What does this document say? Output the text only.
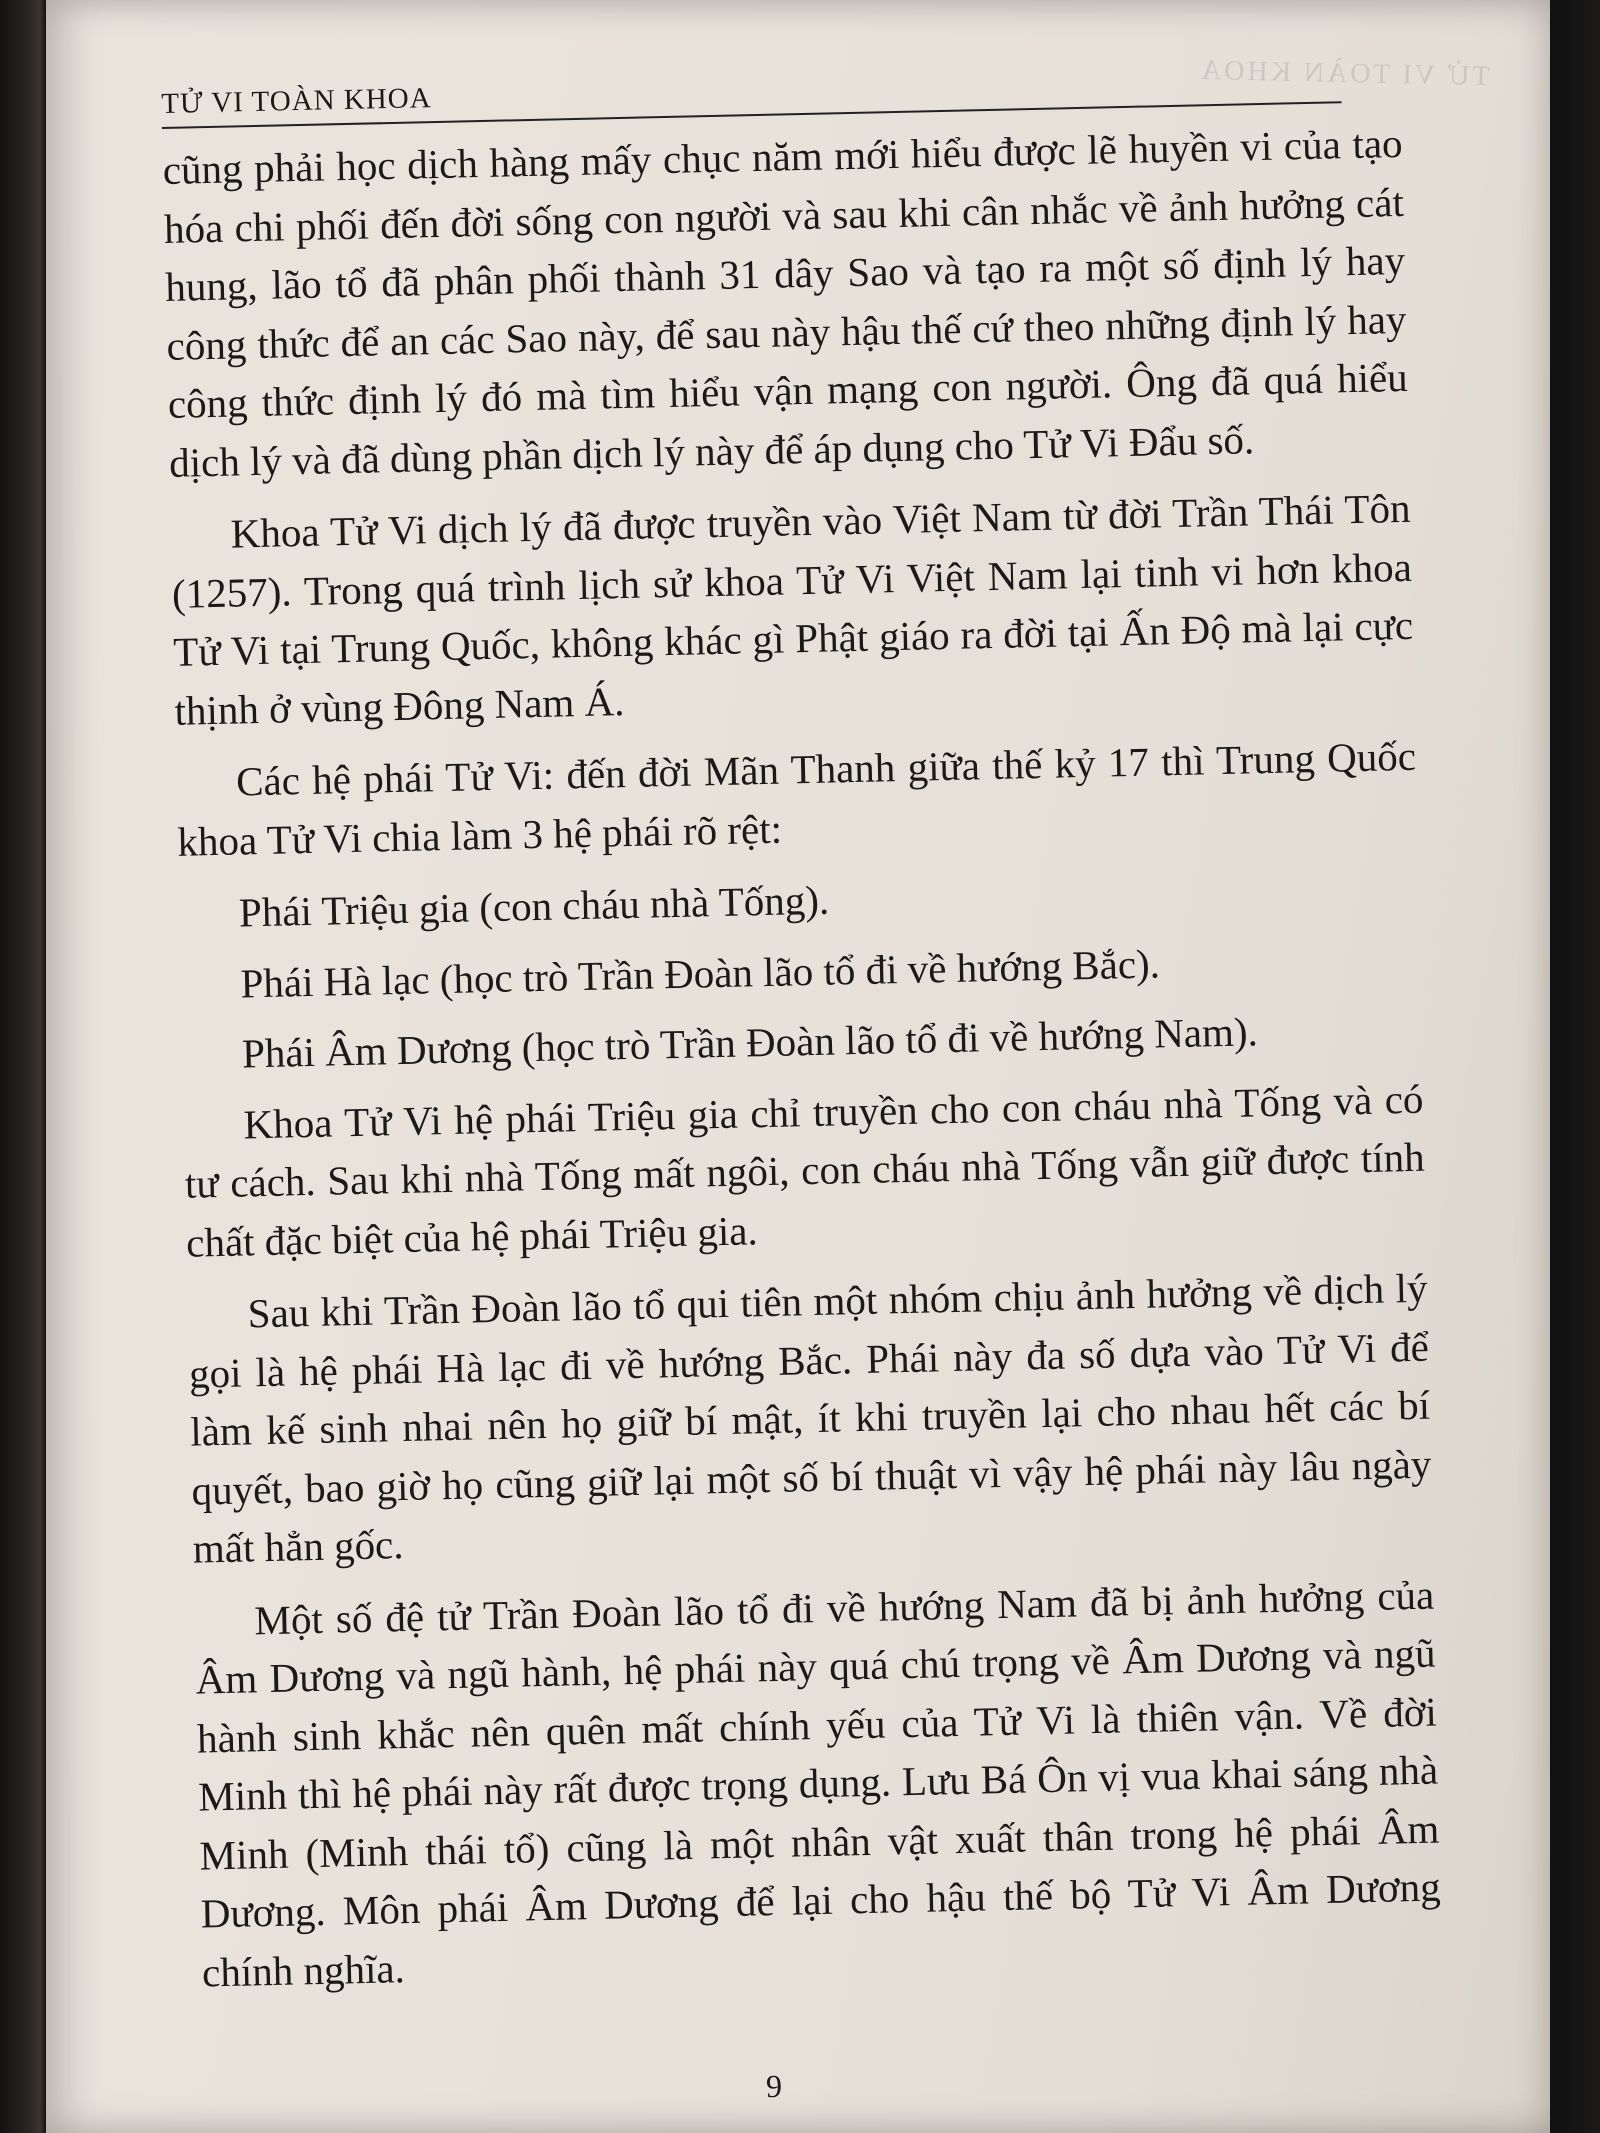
TỬ VI TOÀN KHOA
TỬ VI TOÀN KHOA

cũng phải học dịch hàng mấy chục năm mới hiểu được lẽ huyền vi của tạo hóa chi phối đến đời sống con người và sau khi cân nhắc về ảnh hưởng cát hung, lão tổ đã phân phối thành 31 dây Sao và tạo ra một số định lý hay công thức để an các Sao này, để sau này hậu thế cứ theo những định lý hay công thức định lý đó mà tìm hiểu vận mạng con người. Ông đã quá hiểu dịch lý và đã dùng phần dịch lý này để áp dụng cho Tử Vi Đẩu số.

Khoa Tử Vi dịch lý đã được truyền vào Việt Nam từ đời Trần Thái Tôn (1257). Trong quá trình lịch sử khoa Tử Vi Việt Nam lại tinh vi hơn khoa Tử Vi tại Trung Quốc, không khác gì Phật giáo ra đời tại Ấn Độ mà lại cực thịnh ở vùng Đông Nam Á.

Các hệ phái Tử Vi: đến đời Mãn Thanh giữa thế kỷ 17 thì Trung Quốc khoa Tử Vi chia làm 3 hệ phái rõ rệt:

Phái Triệu gia (con cháu nhà Tống).

Phái Hà lạc (học trò Trần Đoàn lão tổ đi về hướng Bắc).

Phái Âm Dương (học trò Trần Đoàn lão tổ đi về hướng Nam).

Khoa Tử Vi hệ phái Triệu gia chỉ truyền cho con cháu nhà Tống và có tư cách. Sau khi nhà Tống mất ngôi, con cháu nhà Tống vẫn giữ được tính chất đặc biệt của hệ phái Triệu gia.

Sau khi Trần Đoàn lão tổ qui tiên một nhóm chịu ảnh hưởng về dịch lý gọi là hệ phái Hà lạc đi về hướng Bắc. Phái này đa số dựa vào Tử Vi để làm kế sinh nhai nên họ giữ bí mật, ít khi truyền lại cho nhau hết các bí quyết, bao giờ họ cũng giữ lại một số bí thuật vì vậy hệ phái này lâu ngày mất hẳn gốc.

Một số đệ tử Trần Đoàn lão tổ đi về hướng Nam đã bị ảnh hưởng của Âm Dương và ngũ hành, hệ phái này quá chú trọng về Âm Dương và ngũ hành sinh khắc nên quên mất chính yếu của Tử Vi là thiên vận. Về đời Minh thì hệ phái này rất được trọng dụng. Lưu Bá Ôn vị vua khai sáng nhà Minh (Minh thái tổ) cũng là một nhân vật xuất thân trong hệ phái Âm Dương. Môn phái Âm Dương để lại cho hậu thế bộ Tử Vi Âm Dương chính nghĩa.

9
